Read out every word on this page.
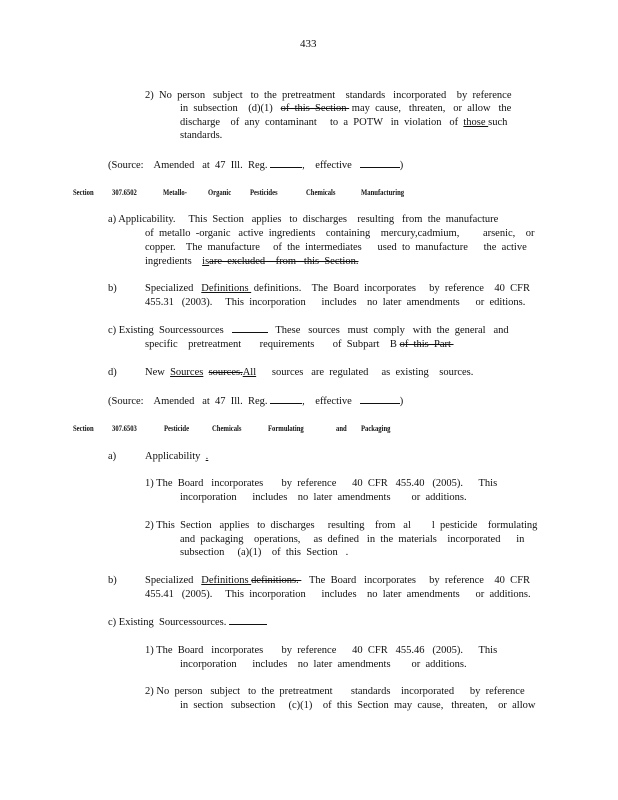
433
2) No  person   subject   to  the  pretreatment    standards   incorporated    by  reference
in  subsection    (d)(1)   of  this  Section  may  cause,   threaten,   or  allow   the
discharge    of  any  contaminant     to  a  POTW   in  violation   of  those such
standards.
(Source: Amended   at  47  Ill.  Reg.	,    effective	)
Section 307.6502	Metallo- Organic Pesticides	Chemicals	Manufacturing
a) Applicability.     This  Section   applies   to  discharges    resulting   from  the  manufacture
of  metallo  -organic   active  ingredients    containing    mercury,cadmium,         arsenic,    or
copper.    The  manufacture     of  the  intermediates      used  to  manufacture      the  active
ingredients    isare  excluded    from   this  Section.
b)	Specialized   Definitions  definitions.    The  Board  incorporates     by  reference    40  CFR
455.31   (2003).     This  incorporation      includes    no  later  amendments      or  editions.
c) Existing  Sourcessources	These   sources   must  comply   with  the  general   and
specific    pretreatment       requirements       of  Subpart    B of  this  Part
d)	New  Sources sources.All      sources   are  regulated     as  existing    sources.
(Source: Amended   at  47  Ill.  Reg.	,    effective	)
Section 307.6503	Pesticide	Chemicals	Formulating	and Packaging
a)	Applicability .
1) The  Board   incorporates       by  reference      40  CFR   455.40   (2005).      This
incorporation      includes    no  later  amendments        or  additions.
2) This  Section   applies   to  discharges     resulting    from   al        l  pesticide    formulating
and  packaging    operations,     as  defined   in  the  materials    incorporated      in
subsection     (a)(1)    of  this  Section   .
b)	Specialized   Definitions definitions.    The  Board   incorporates     by  reference    40  CFR
455.41   (2005).     This  incorporation      includes    no  later  amendments      or  additions.
c) Existing  Sourcessources.
1) The  Board   incorporates       by  reference      40  CFR   455.46   (2005).      This
incorporation      includes    no  later  amendments        or  additions.
2) No  person   subject   to  the  pretreatment       standards    incorporated      by  reference
in  section   subsection     (c)(1)    of  this  Section  may  cause,   threaten,    or  allow
